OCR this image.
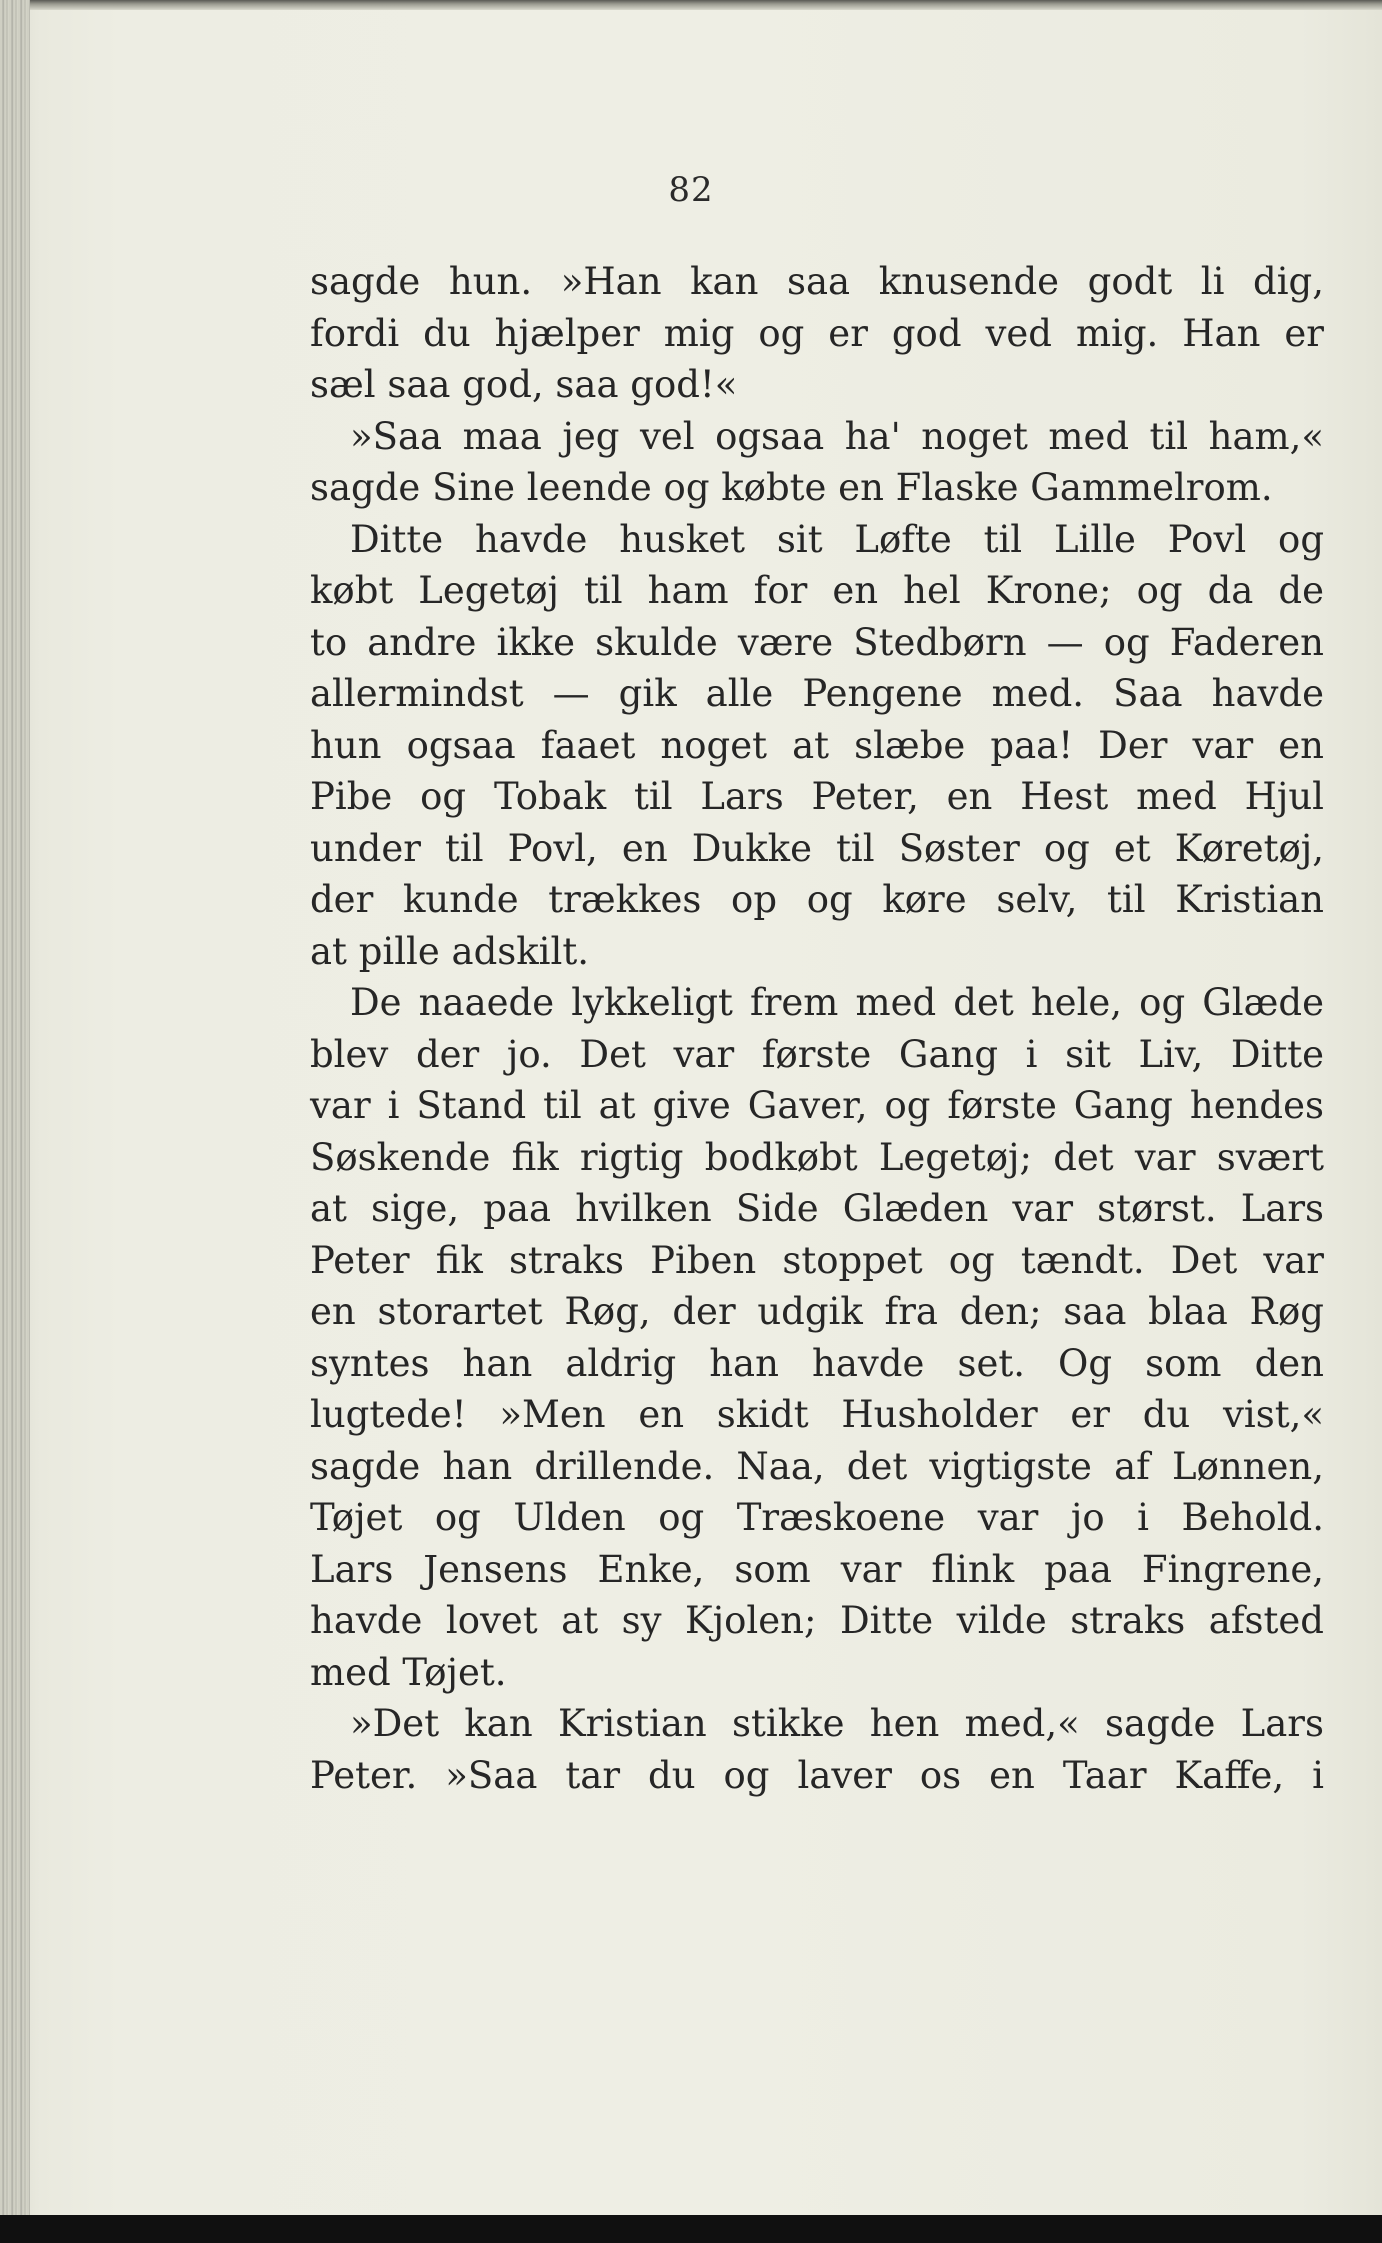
82
sagde hun. »Han kan saa knusende godt li dig,
fordi du hjælper mig og er god ved mig. Han er
sæl saa god, saa god!«
»Saa maa jeg vel ogsaa ha' noget med til ham,«
sagde Sine leende og købte en Flaske Gammelrom.
Ditte havde husket sit Løfte til Lille Povl og
købt Legetøj til ham for en hel Krone; og da de
to andre ikke skulde være Stedbørn — og Faderen
allermindst — gik alle Pengene med. Saa havde
hun ogsaa faaet noget at slæbe paa! Der var en
Pibe og Tobak til Lars Peter, en Hest med Hjul
under til Povl, en Dukke til Søster og et Køretøj,
der kunde trækkes op og køre selv, til Kristian
at pille adskilt.
De naaede lykkeligt frem med det hele, og Glæde
blev der jo. Det var første Gang i sit Liv, Ditte
var i Stand til at give Gaver, og første Gang hendes
Søskende fik rigtig bodkøbt Legetøj; det var svært
at sige, paa hvilken Side Glæden var størst. Lars
Peter fik straks Piben stoppet og tændt. Det var
en storartet Røg, der udgik fra den; saa blaa Røg
syntes han aldrig han havde set. Og som den
lugtede! »Men en skidt Husholder er du vist,«
sagde han drillende. Naa, det vigtigste af Lønnen,
Tøjet og Ulden og Træskoene var jo i Behold.
Lars Jensens Enke, som var flink paa Fingrene,
havde lovet at sy Kjolen; Ditte vilde straks afsted
med Tøjet.
»Det kan Kristian stikke hen med,« sagde Lars
Peter. »Saa tar du og laver os en Taar Kaffe, i
